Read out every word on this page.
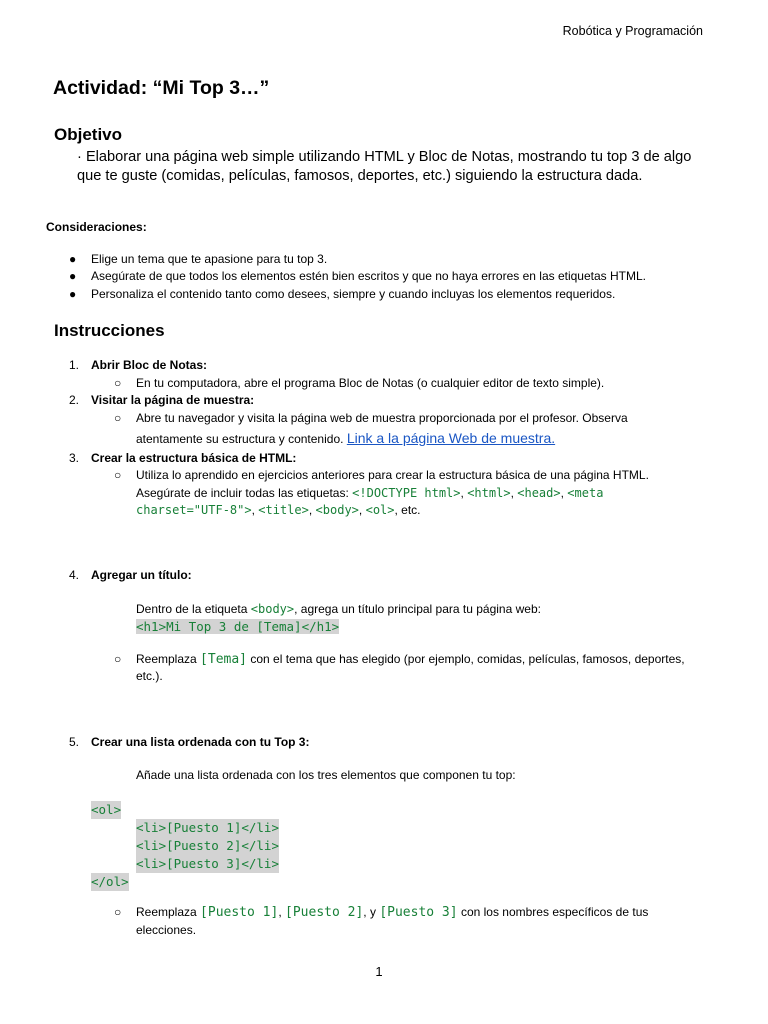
Robótica y Programación
Actividad: “Mi Top 3…”
Objetivo
· Elaborar una página web simple utilizando HTML y Bloc de Notas, mostrando tu top 3 de algo que te guste (comidas, películas, famosos, deportes, etc.) siguiendo la estructura dada.
Consideraciones:
● Elige un tema que te apasione para tu top 3.
● Asegúrate de que todos los elementos estén bien escritos y que no haya errores en las etiquetas HTML.
● Personaliza el contenido tanto como desees, siempre y cuando incluyas los elementos requeridos.
Instrucciones
1. Abrir Bloc de Notas:
○ En tu computadora, abre el programa Bloc de Notas (o cualquier editor de texto simple).
2. Visitar la página de muestra:
○ Abre tu navegador y visita la página web de muestra proporcionada por el profesor. Observa
atentamente su estructura y contenido. Link a la página Web de muestra.
3. Crear la estructura básica de HTML:
○ Utiliza lo aprendido en ejercicios anteriores para crear la estructura básica de una página HTML.
Asegúrate de incluir todas las etiquetas: <!DOCTYPE html>, <html>, <head>, <meta
charset="UTF-8">, <title>, <body>, <ol>, etc.
4. Agregar un título:
Dentro de la etiqueta <body>, agrega un título principal para tu página web:
<h1>Mi Top 3 de [Tema]</h1>
○ Reemplaza [Tema] con el tema que has elegido (por ejemplo, comidas, películas, famosos, deportes,
etc.).
5. Crear una lista ordenada con tu Top 3:
Añade una lista ordenada con los tres elementos que componen tu top:
<ol>
<li>[Puesto 1]</li>
<li>[Puesto 2]</li>
<li>[Puesto 3]</li>
</ol>
○ Reemplaza [Puesto 1], [Puesto 2], y [Puesto 3] con los nombres específicos de tus
elecciones.
1
